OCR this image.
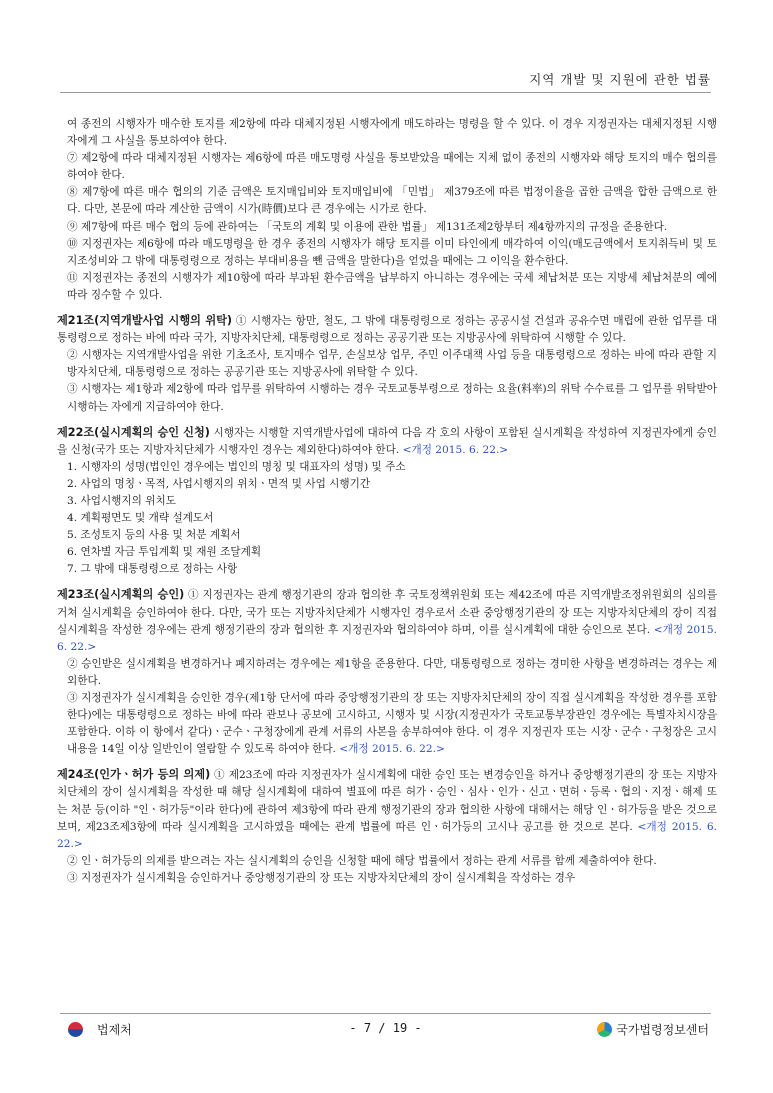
지역 개발 및 지원에 관한 법률

여 종전의 시행자가 매수한 토지를 제2항에 따라 대체지정된 시행자에게 매도하라는 명령을 할 수 있다. 이 경우 지정권자는 대체지정된 시행자에게 그 사실을 통보하여야 한다.

⑦ 제2항에 따라 대체지정된 시행자는 제6항에 따른 매도명령 사실을 통보받았을 때에는 지체 없이 종전의 시행자와 해당 토지의 매수 협의를 하여야 한다.

⑧ 제7항에 따른 매수 협의의 기준 금액은 토지매입비와 토지매입비에 「민법」 제379조에 따른 법정이율을 곱한 금액을 합한 금액으로 한다. 다만, 본문에 따라 계산한 금액이 시가(時價)보다 큰 경우에는 시가로 한다.

⑨ 제7항에 따른 매수 협의 등에 관하여는 「국토의 계획 및 이용에 관한 법률」 제131조제2항부터 제4항까지의 규정을 준용한다.

⑩ 지정권자는 제6항에 따라 매도명령을 한 경우 종전의 시행자가 해당 토지를 이미 타인에게 매각하여 이익(매도금액에서 토지취득비 및 토지조성비와 그 밖에 대통령령으로 정하는 부대비용을 뺀 금액을 말한다)을 얻었을 때에는 그 이익을 환수한다.

⑪ 지정권자는 종전의 시행자가 제10항에 따라 부과된 환수금액을 납부하지 아니하는 경우에는 국세 체납처분 또는 지방세 체납처분의 예에 따라 징수할 수 있다.

제21조(지역개발사업 시행의 위탁) ① 시행자는 항만, 철도, 그 밖에 대통령령으로 정하는 공공시설 건설과 공유수면 매립에 관한 업무를 대통령령으로 정하는 바에 따라 국가, 지방자치단체, 대통령령으로 정하는 공공기관 또는 지방공사에 위탁하여 시행할 수 있다.

② 시행자는 지역개발사업을 위한 기초조사, 토지매수 업무, 손실보상 업무, 주민 이주대책 사업 등을 대통령령으로 정하는 바에 따라 관할 지방자치단체, 대통령령으로 정하는 공공기관 또는 지방공사에 위탁할 수 있다.

③ 시행자는 제1항과 제2항에 따라 업무를 위탁하여 시행하는 경우 국토교통부령으로 정하는 요율(料率)의 위탁 수수료를 그 업무를 위탁받아 시행하는 자에게 지급하여야 한다.

제22조(실시계획의 승인 신청) 시행자는 시행할 지역개발사업에 대하여 다음 각 호의 사항이 포함된 실시계획을 작성하여 지정권자에게 승인을 신청(국가 또는 지방자치단체가 시행자인 경우는 제외한다)하여야 한다. <개정 2015. 6. 22.>

1. 시행자의 성명(법인인 경우에는 법인의 명칭 및 대표자의 성명) 및 주소

2. 사업의 명칭ㆍ목적, 사업시행지의 위치ㆍ면적 및 사업 시행기간

3. 사업시행지의 위치도

4. 계획평면도 및 개략 설계도서

5. 조성토지 등의 사용 및 처분 계획서

6. 연차별 자금 투입계획 및 재원 조달계획

7. 그 밖에 대통령령으로 정하는 사항

제23조(실시계획의 승인) ① 지정권자는 관계 행정기관의 장과 협의한 후 국토정책위원회 또는 제42조에 따른 지역개발조정위원회의 심의를 거쳐 실시계획을 승인하여야 한다. 다만, 국가 또는 지방자치단체가 시행자인 경우로서 소관 중앙행정기관의 장 또는 지방자치단체의 장이 직접 실시계획을 작성한 경우에는 관계 행정기관의 장과 협의한 후 지정권자와 협의하여야 하며, 이를 실시계획에 대한 승인으로 본다. <개정 2015. 6. 22.>

② 승인받은 실시계획을 변경하거나 폐지하려는 경우에는 제1항을 준용한다. 다만, 대통령령으로 정하는 경미한 사항을 변경하려는 경우는 제외한다.

③ 지정권자가 실시계획을 승인한 경우(제1항 단서에 따라 중앙행정기관의 장 또는 지방자치단체의 장이 직접 실시계획을 작성한 경우를 포함한다)에는 대통령령으로 정하는 바에 따라 관보나 공보에 고시하고, 시행자 및 시장(지정권자가 국토교통부장관인 경우에는 특별자치시장을 포함한다. 이하 이 항에서 같다)ㆍ군수ㆍ구청장에게 관계 서류의 사본을 송부하여야 한다. 이 경우 지정권자 또는 시장ㆍ군수ㆍ구청장은 고시내용을 14일 이상 일반인이 열람할 수 있도록 하여야 한다. <개정 2015. 6. 22.>

제24조(인가ㆍ허가 등의 의제) ① 제23조에 따라 지정권자가 실시계획에 대한 승인 또는 변경승인을 하거나 중앙행정기관의 장 또는 지방자치단체의 장이 실시계획을 작성한 때 해당 실시계획에 대하여 별표에 따른 허가ㆍ승인ㆍ심사ㆍ인가ㆍ신고ㆍ면허ㆍ등록ㆍ협의ㆍ지정ㆍ해제 또는 처분 등(이하 "인ㆍ허가등"이라 한다)에 관하여 제3항에 따라 관계 행정기관의 장과 협의한 사항에 대해서는 해당 인ㆍ허가등을 받은 것으로 보며, 제23조제3항에 따라 실시계획을 고시하였을 때에는 관계 법률에 따른 인ㆍ허가등의 고시나 공고를 한 것으로 본다. <개정 2015. 6. 22.>

② 인ㆍ허가등의 의제를 받으려는 자는 실시계획의 승인을 신청할 때에 해당 법률에서 정하는 관계 서류를 함께 제출하여야 한다.

③ 지정권자가 실시계획을 승인하거나 중앙행정기관의 장 또는 지방자치단체의 장이 실시계획을 작성하는 경우

법제처	- 7 / 19 -	국가법령정보센터
